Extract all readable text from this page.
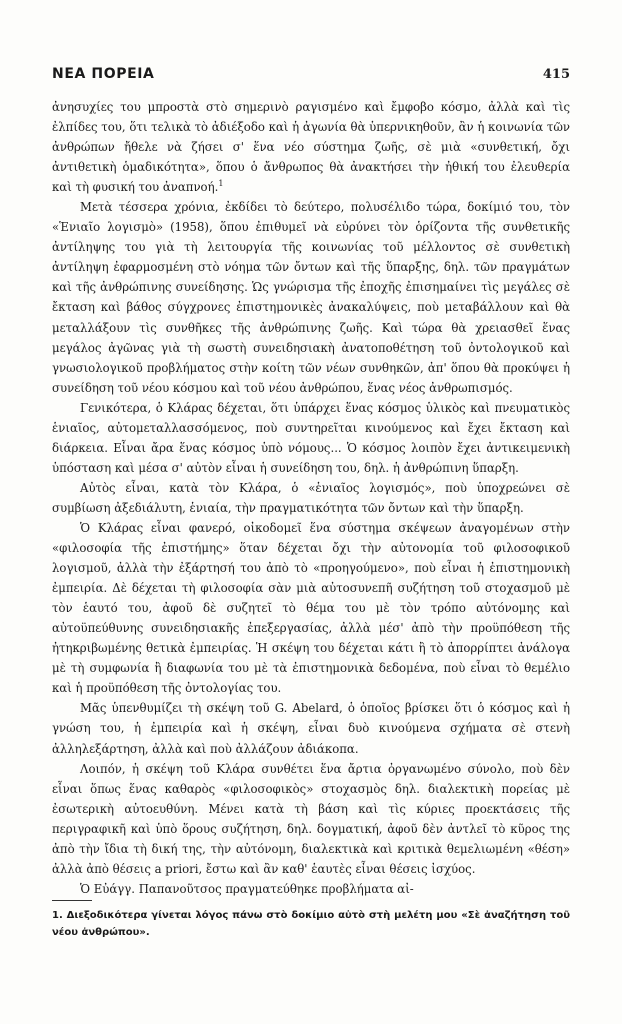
ΝΕΑ ΠΟΡΕΙΑ	415

ἀνησυχίες του μπροστὰ στὸ σημερινὸ ραγισμένο καὶ ἔμφοβο κόσμο, ἀλλὰ καὶ τὶς ἐλπίδες του, ὅτι τελικὰ τὸ ἀδιέξοδο καὶ ἡ ἀγωνία θὰ ὑπερνικηθοῦν, ἂν ἡ κοινωνία τῶν ἀνθρώπων ἤθελε νὰ ζήσει σ' ἕνα νέο σύστημα ζωῆς, σὲ μιὰ «συνθετική, ὄχι ἀντιθετικὴ ὁμαδικότητα», ὅπου ὁ ἄνθρωπος θὰ ἀνακτήσει τὴν ἠθική του ἐλευθερία καὶ τὴ φυσική του ἀναπνοή.$^1$

Μετὰ τέσσερα χρόνια, ἐκδίδει τὸ δεύτερο, πολυσέλιδο τώρα, δοκίμιό του, τὸν «Ἑνιαῖο λογισμὸ» (1958), ὅπου ἐπιθυμεῖ νὰ εὐρύνει τὸν ὁρίζοντα τῆς συνθετικῆς ἀντίληψης του γιὰ τὴ λειτουργία τῆς κοινωνίας τοῦ μέλλοντος σὲ συνθετικὴ ἀντίληψη ἐφαρμοσμένη στὸ νόημα τῶν ὄντων καὶ τῆς ὕπαρξης, δηλ. τῶν πραγμάτων καὶ τῆς ἀνθρώπινης συνείδησης. Ὡς γνώρισμα τῆς ἐποχῆς ἐπισημαίνει τὶς μεγάλες σὲ ἔκταση καὶ βάθος σύγχρονες ἐπιστημονικὲς ἀνακαλύψεις, ποὺ μεταβάλλουν καὶ θὰ μεταλλάξουν τὶς συνθῆκες τῆς ἀνθρώπινης ζωῆς. Καὶ τώρα θὰ χρειασθεῖ ἕνας μεγάλος ἀγῶνας γιὰ τὴ σωστὴ συνειδησιακὴ ἀνατοποθέτηση τοῦ ὀντολογικοῦ καὶ γνωσιολογικοῦ προβλήματος στὴν κοίτη τῶν νέων συνθηκῶν, ἀπ' ὅπου θὰ προκύψει ἡ συνείδηση τοῦ νέου κόσμου καὶ τοῦ νέου ἀνθρώπου, ἕνας νέος ἀνθρωπισμός.

Γενικότερα, ὁ Κλάρας δέχεται, ὅτι ὑπάρχει ἕνας κόσμος ὑλικὸς καὶ πνευματικὸς ἑνιαῖος, αὐτομεταλλασσόμενος, ποὺ συντηρεῖται κινούμενος καὶ ἔχει ἔκταση καὶ διάρκεια. Εἶναι ἄρα ἕνας κόσμος ὑπὸ νόμους... Ὁ κόσμος λοιπὸν ἔχει ἀντικειμενικὴ ὑπόσταση καὶ μέσα σ' αὐτὸν εἶναι ἡ συνείδηση του, δηλ. ἡ ἀνθρώπινη ὕπαρξη.

Αὐτὸς εἶναι, κατὰ τὸν Κλάρα, ὁ «ἑνιαῖος λογισμός», ποὺ ὑποχρεώνει σὲ συμβίωση ἀξεδιάλυτη, ἑνιαία, τὴν πραγματικότητα τῶν ὄντων καὶ τὴν ὕπαρξη.

Ὁ Κλάρας εἶναι φανερό, οἰκοδομεῖ ἕνα σύστημα σκέψεων ἀναγομένων στὴν «φιλοσοφία τῆς ἐπιστήμης» ὅταν δέχεται ὄχι τὴν αὐτονομία τοῦ φιλοσοφικοῦ λογισμοῦ, ἀλλὰ τὴν ἐξάρτησή του ἀπὸ τὸ «προηγούμενο», ποὺ εἶναι ἡ ἐπιστημονικὴ ἐμπειρία. Δὲ δέχεται τὴ φιλοσοφία σὰν μιὰ αὐτοσυνεπῆ συζήτηση τοῦ στοχασμοῦ μὲ τὸν ἑαυτό του, ἀφοῦ δὲ συζητεῖ τὸ θέμα του μὲ τὸν τρόπο αὐτόνομης καὶ αὐτοϋπεύθυνης συνειδησιακῆς ἐπεξεργασίας, ἀλλὰ μέσ' ἀπὸ τὴν προϋπόθεση τῆς ἠτηκριβωμένης θετικὰ ἐμπειρίας. Ἡ σκέψη του δέχεται κάτι ἢ τὸ ἀπορρίπτει ἀνάλογα μὲ τὴ συμφωνία ἢ διαφωνία του μὲ τὰ ἐπιστημονικὰ δεδομένα, ποὺ εἶναι τὸ θεμέλιο καὶ ἡ προϋπόθεση τῆς ὀντολογίας του.

Μᾶς ὑπενθυμίζει τὴ σκέψη τοῦ G. Abelard, ὁ ὁποῖος βρίσκει ὅτι ὁ κόσμος καὶ ἡ γνώση του, ἡ ἐμπειρία καὶ ἡ σκέψη, εἶναι δυὸ κινούμενα σχήματα σὲ στενὴ ἀλληλεξάρτηση, ἀλλὰ καὶ ποὺ ἀλλάζουν ἀδιάκοπα.

Λοιπόν, ἡ σκέψη τοῦ Κλάρα συνθέτει ἕνα ἄρτια ὀργανωμένο σύνολο, ποὺ δὲν εἶναι ὅπως ἕνας καθαρὸς «φιλοσοφικὸς» στοχασμὸς δηλ. διαλεκτικὴ πορείας μὲ ἐσωτερικὴ αὐτοευθύνη. Μένει κατὰ τὴ βάση καὶ τὶς κύριες προεκτάσεις τῆς περιγραφικῆ καὶ ὑπὸ ὅρους συζήτηση, δηλ. δογματική, ἀφοῦ δὲν ἀντλεῖ τὸ κῦρος της ἀπὸ τὴν ἴδια τὴ δική της, τὴν αὐτόνομη, διαλεκτικὰ καὶ κριτικὰ θεμελιωμένη «θέση» ἀλλὰ ἀπὸ θέσεις a priori, ἔστω καὶ ἂν καθ' ἑαυτὲς εἶναι θέσεις ἰσχύος.

Ὁ Εὐάγγ. Παπανοῦτσος πραγματεύθηκε προβλήματα αἰ-

1. Διεξοδικότερα γίνεται λόγος πάνω στὸ δοκίμιο αὐτὸ στὴ μελέτη μου «Σὲ ἀναζήτηση τοῦ νέου ἀνθρώπου».
